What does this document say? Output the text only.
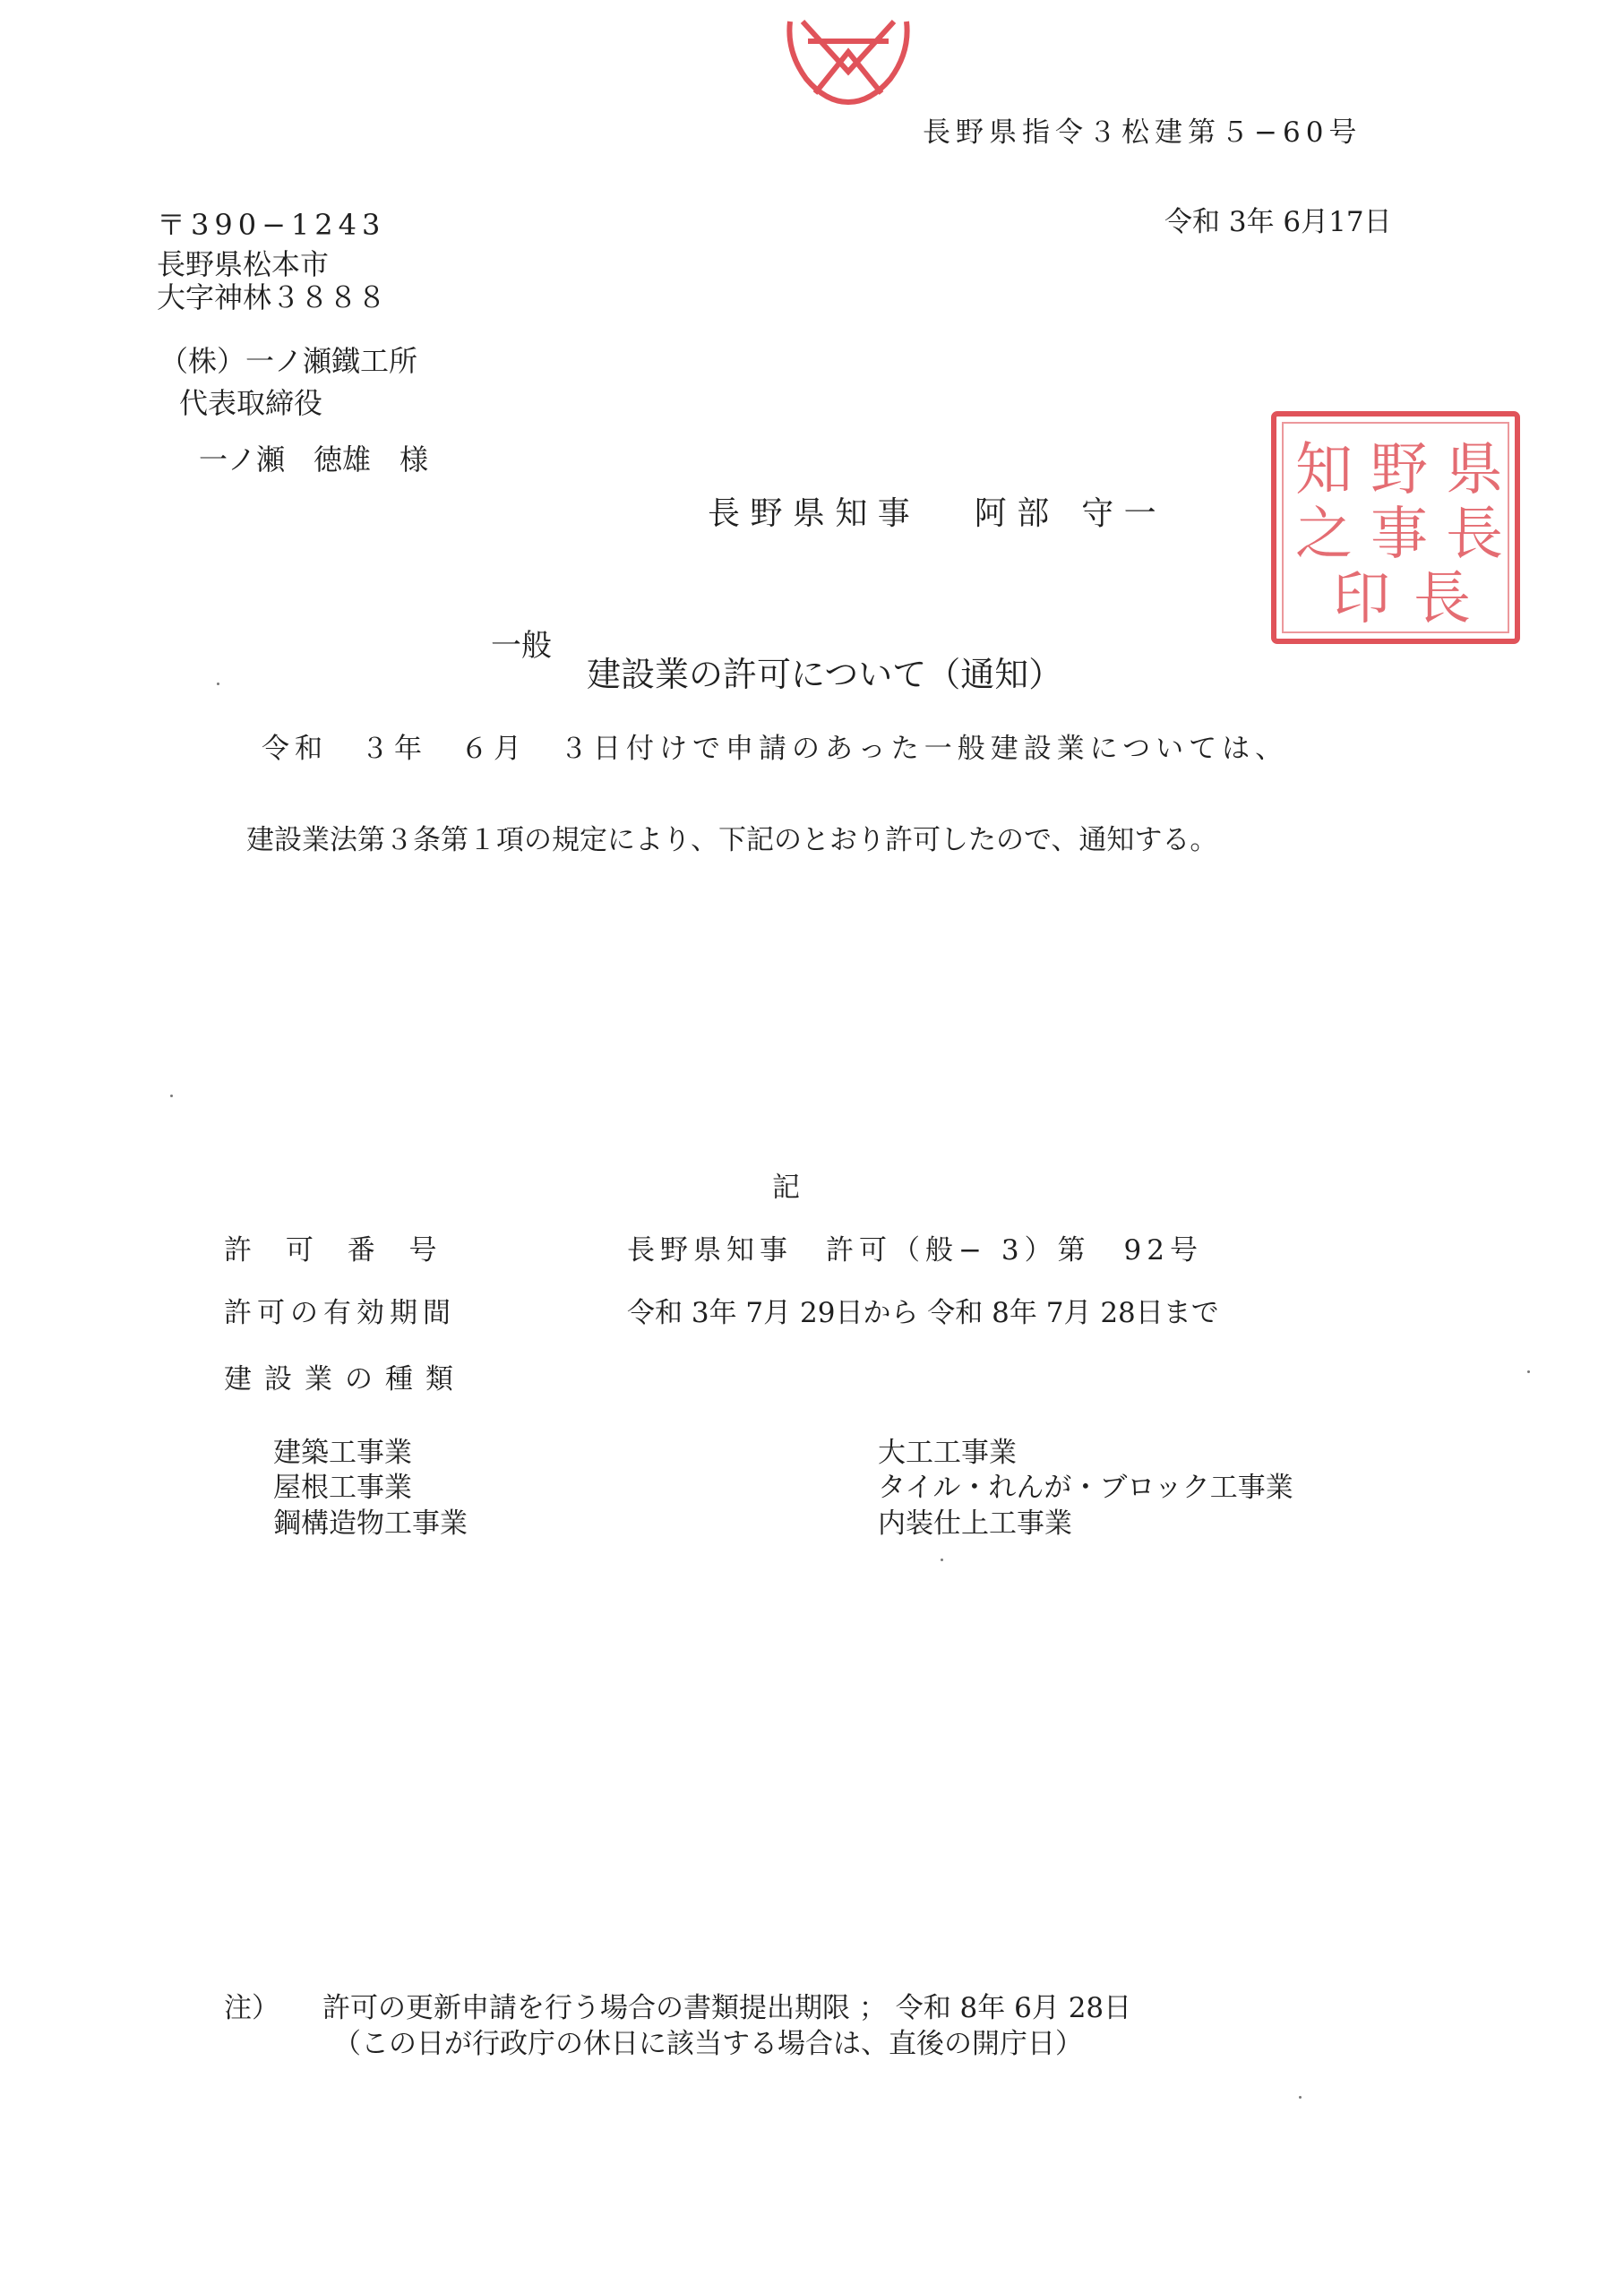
長野県指令３松建第５−60号
令和 3年 6月17日
〒390−1243
長野県松本市
大字神林３８８８
（株）一ノ瀬鐵工所
代表取締役
一ノ瀬　徳雄　様
長 野 県 知 事　　阿 部　守 一
県
長
野
事
知
之
印 長
一般
建設業の許可について（通知）
令和　３年　６月　３日付けで申請のあった一般建設業については、
建設業法第３条第１項の規定により、下記のとおり許可したので、通知する。
記
許 可 番 号	長野県知事　許可（般− 3）第　92号
許可の有効期間	令和 3年 7月 29日から 令和 8年 7月 28日まで
建設業の種類
建築工事業
屋根工事業
鋼構造物工事業
大工工事業
タイル・れんが・ブロック工事業
内装仕上工事業
注） 許可の更新申請を行う場合の書類提出期限 ； 令和 8年 6月 28日
（この日が行政庁の休日に該当する場合は、直後の開庁日）
